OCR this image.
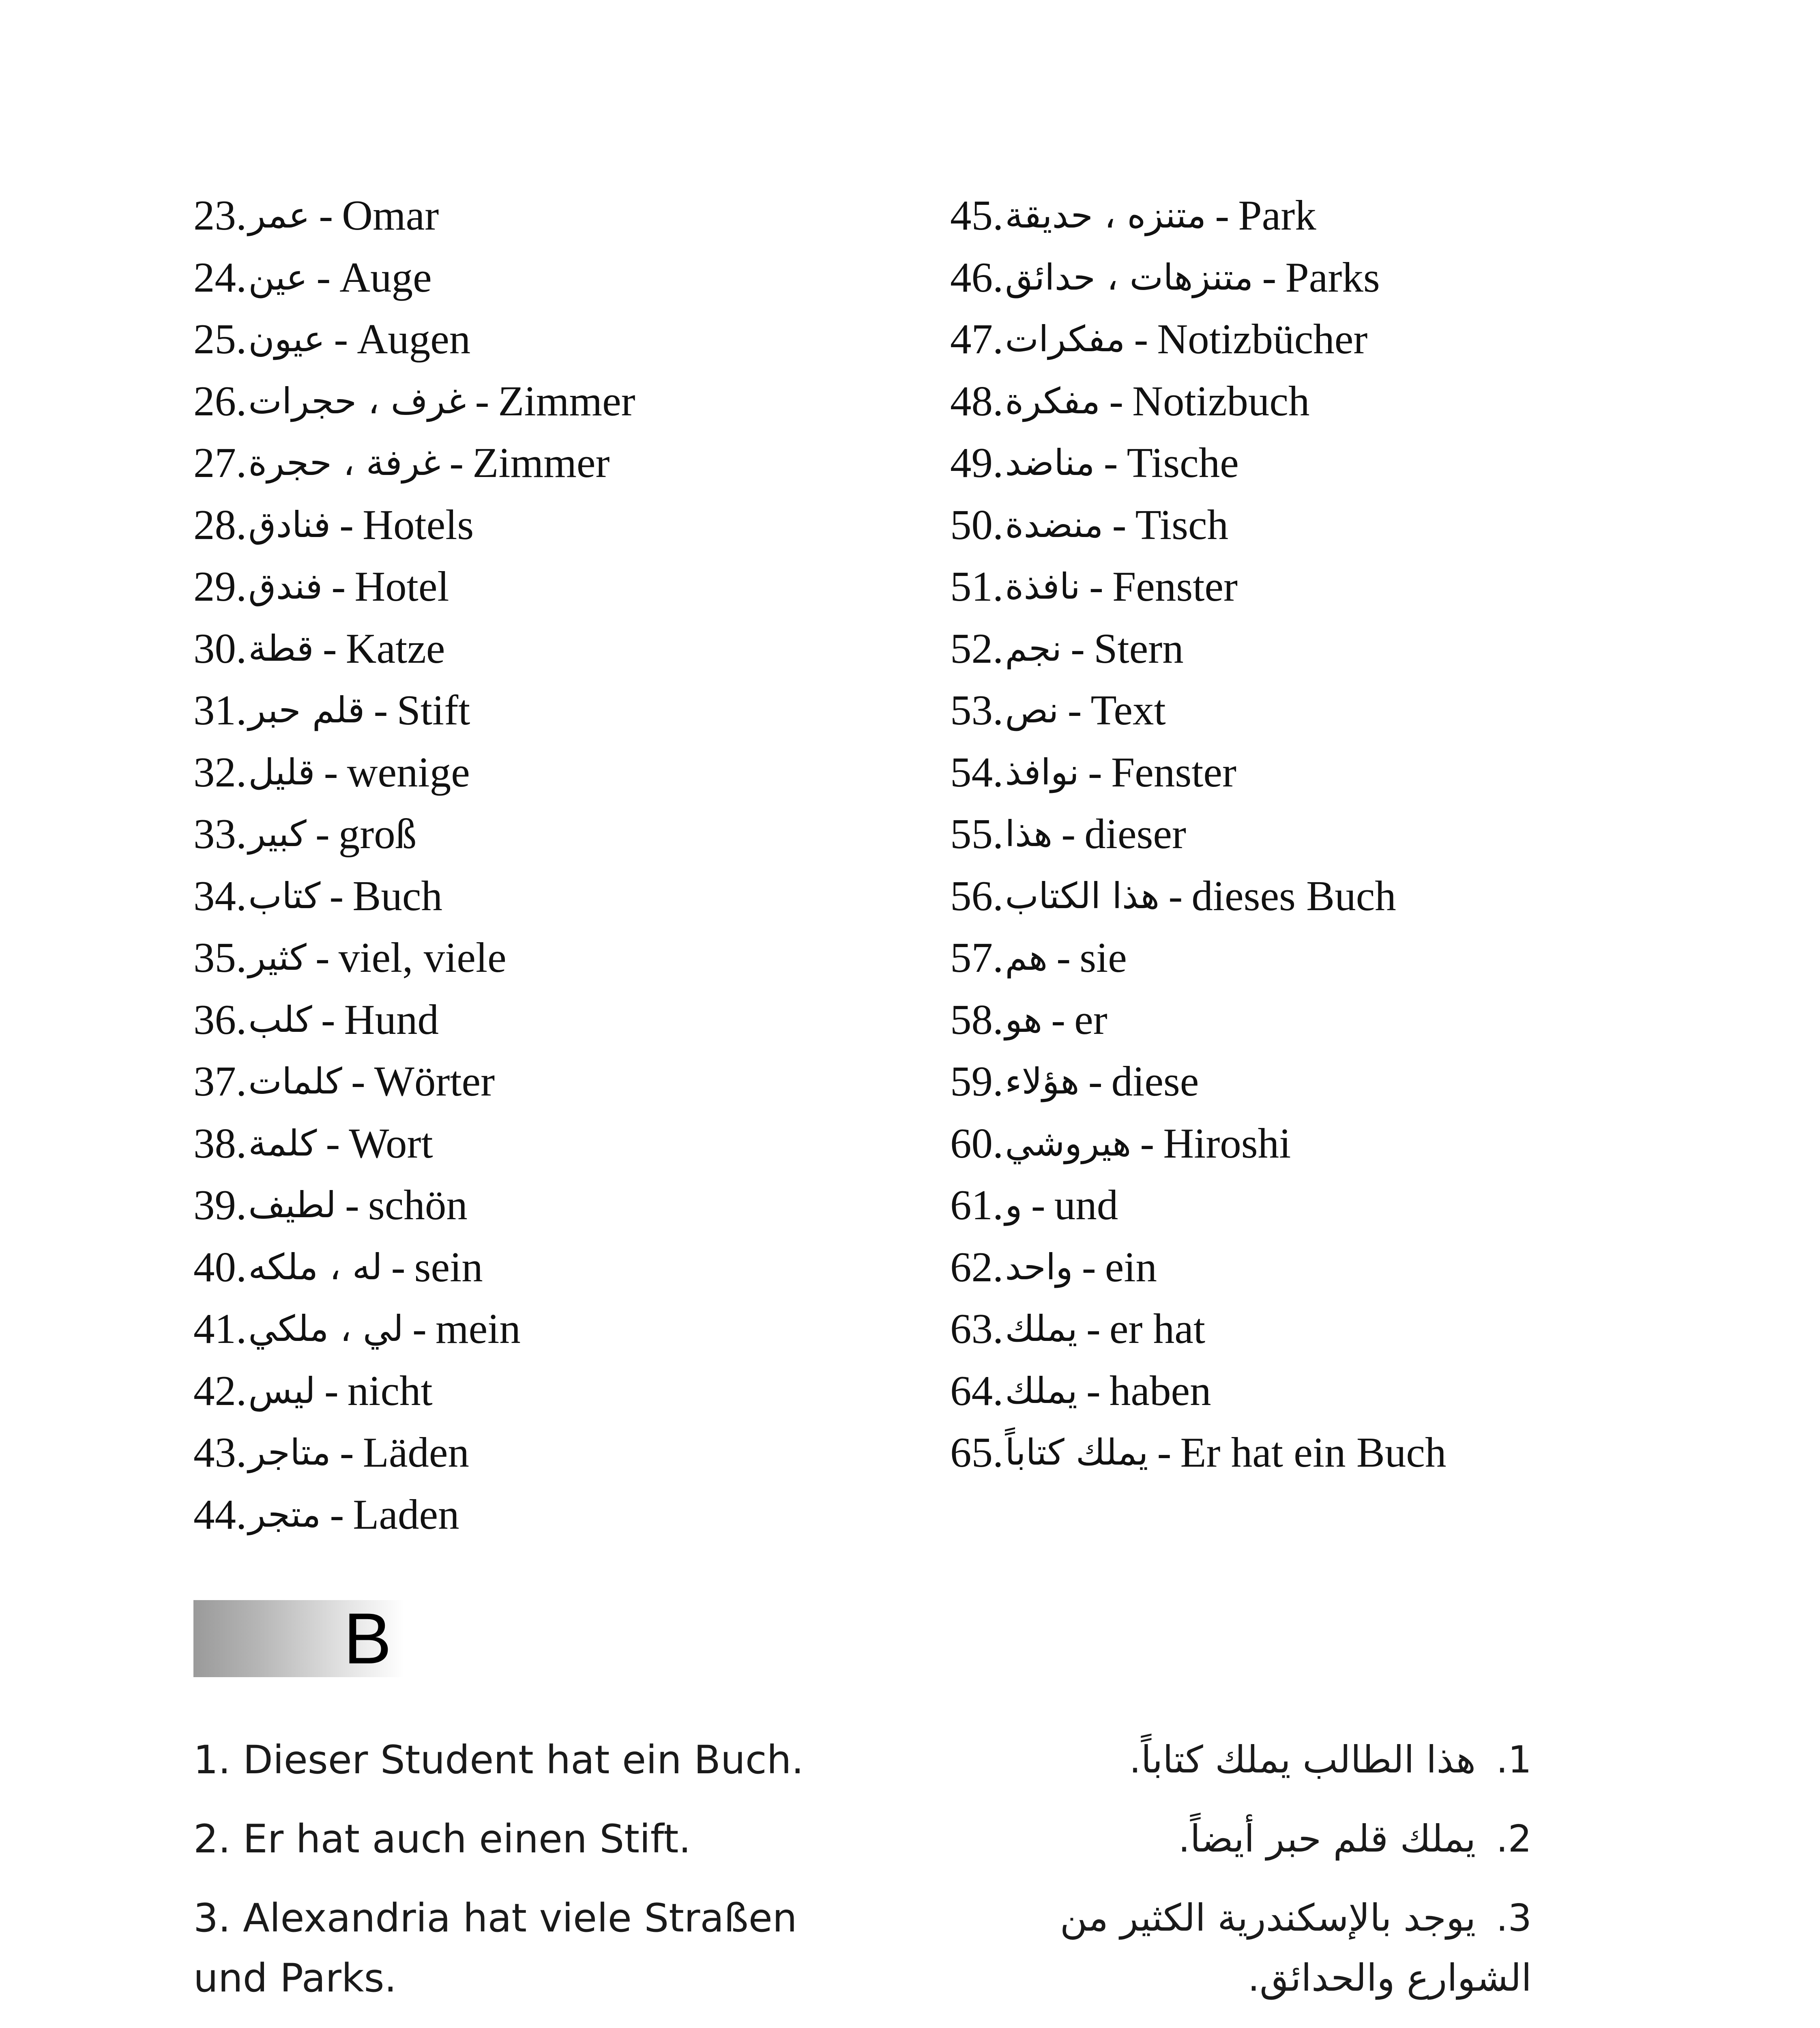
23. عمر - Omar
24. عين - Auge
25. عيون - Augen
26. غرف ، حجرات - Zimmer
27. غرفة ، حجرة - Zimmer
28. فنادق - Hotels
29. فندق - Hotel
30. قطة - Katze
31. قلم حبر - Stift
32. قليل - wenige
33. كبير - groß
34. كتاب - Buch
35. كثير - viel, viele
36. كلب - Hund
37. كلمات - Wörter
38. كلمة - Wort
39. لطيف - schön
40. له ، ملكه - sein
41. لي ، ملكي - mein
42. ليس - nicht
43. متاجر - Läden
44. متجر - Laden
45. متنزه ، حديقة - Park
46. متنزهات ، حدائق - Parks
47. مفكرات - Notizbücher
48. مفكرة - Notizbuch
49. مناضد - Tische
50. منضدة - Tisch
51. نافذة - Fenster
52. نجم - Stern
53. نص - Text
54. نوافذ - Fenster
55. هذا - dieser
56. هذا الكتاب - dieses Buch
57. هم - sie
58. هو - er
59. هؤلاء - diese
60. هيروشي - Hiroshi
61. و - und
62. واحد - ein
63. يملك - er hat
64. يملك - haben
65. يملك كتاباً - Er hat ein Buch
B
1. Dieser Student hat ein Buch.	1.هذا الطالب يملك كتاباً.
2. Er hat auch einen Stift.	2.يملك قلم حبر أيضاً.
3. Alexandria hat viele Straßen und Parks.
3.يوجد بالإسكندرية الكثير من الشوارع والحدائق.
